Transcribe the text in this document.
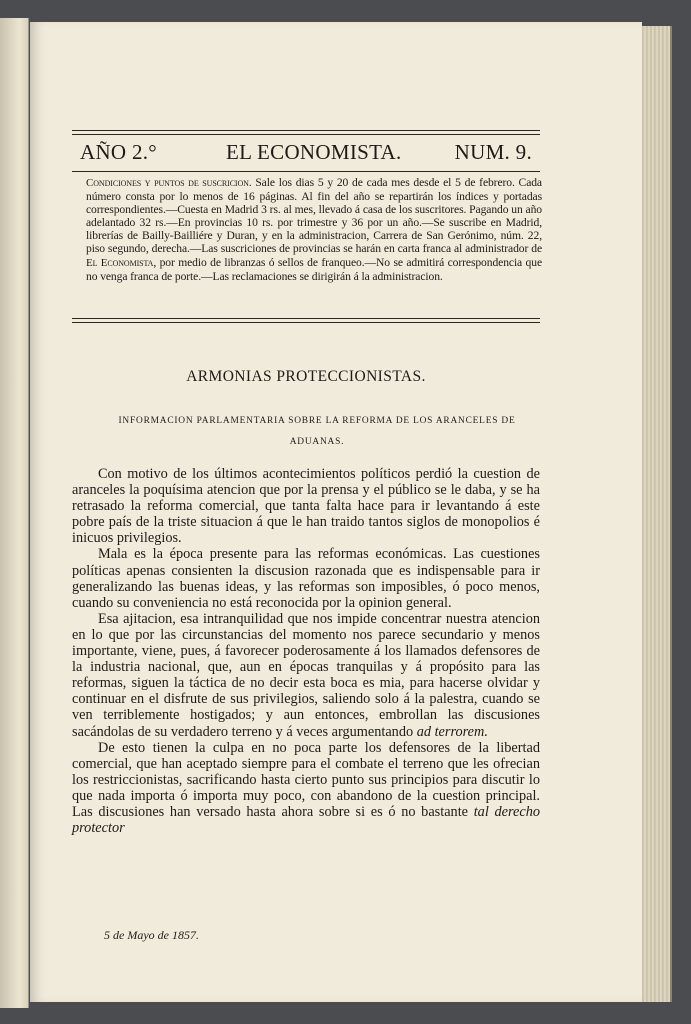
AÑO 2.°	EL ECONOMISTA.	NUM. 9.
Condiciones y puntos de suscricion. Sale los dias 5 y 20 de cada mes desde el 5 de febrero. Cada número consta por lo menos de 16 páginas. Al fin del año se repartirán los índices y portadas correspondientes.—Cuesta en Madrid 3 rs. al mes, llevado á casa de los suscritores. Pagando un año adelantado 32 rs.—En provincias 10 rs. por trimestre y 36 por un año.—Se suscribe en Madrid, librerías de Bailly-Bailliére y Duran, y en la administracion, Carrera de San Gerónimo, núm. 22, piso segundo, derecha.—Las suscriciones de provincias se harán en carta franca al administrador de El Economista, por medio de libranzas ó sellos de franqueo.—No se admitirá correspondencia que no venga franca de porte.—Las reclamaciones se dirigirán á la administracion.
ARMONIAS PROTECCIONISTAS.
INFORMACION PARLAMENTARIA SOBRE LA REFORMA DE LOS ARANCELES DE ADUANAS.

Con motivo de los últimos acontecimientos políticos perdió la cuestion de aranceles la poquísima atencion que por la prensa y el público se le daba, y se ha retrasado la reforma comercial, que tanta falta hace para ir levantando á este pobre país de la triste situacion á que le han traido tantos siglos de monopolios é inicuos privilegios.

Mala es la época presente para las reformas económicas. Las cuestiones políticas apenas consienten la discusion razonada que es indispensable para ir generalizando las buenas ideas, y las reformas son imposibles, ó poco menos, cuando su conveniencia no está reconocida por la opinion general.

Esa ajitacion, esa intranquilidad que nos impide concentrar nuestra atencion en lo que por las circunstancias del momento nos parece secundario y menos importante, viene, pues, á favorecer poderosamente á los llamados defensores de la industria nacional, que, aun en épocas tranquilas y á propósito para las reformas, siguen la táctica de no decir esta boca es mia, para hacerse olvidar y continuar en el disfrute de sus privilegios, saliendo solo á la palestra, cuando se ven terriblemente hostigados; y aun entonces, embrollan las discusiones sacándolas de su verdadero terreno y á veces argumentando ad terrorem.

De esto tienen la culpa en no poca parte los defensores de la libertad comercial, que han aceptado siempre para el combate el terreno que les ofrecian los restriccionistas, sacrificando hasta cierto punto sus principios para discutir lo que nada importa ó importa muy poco, con abandono de la cuestion principal. Las discusiones han versado hasta ahora sobre si es ó no bastante tal derecho protector

5 de Mayo de 1857.
